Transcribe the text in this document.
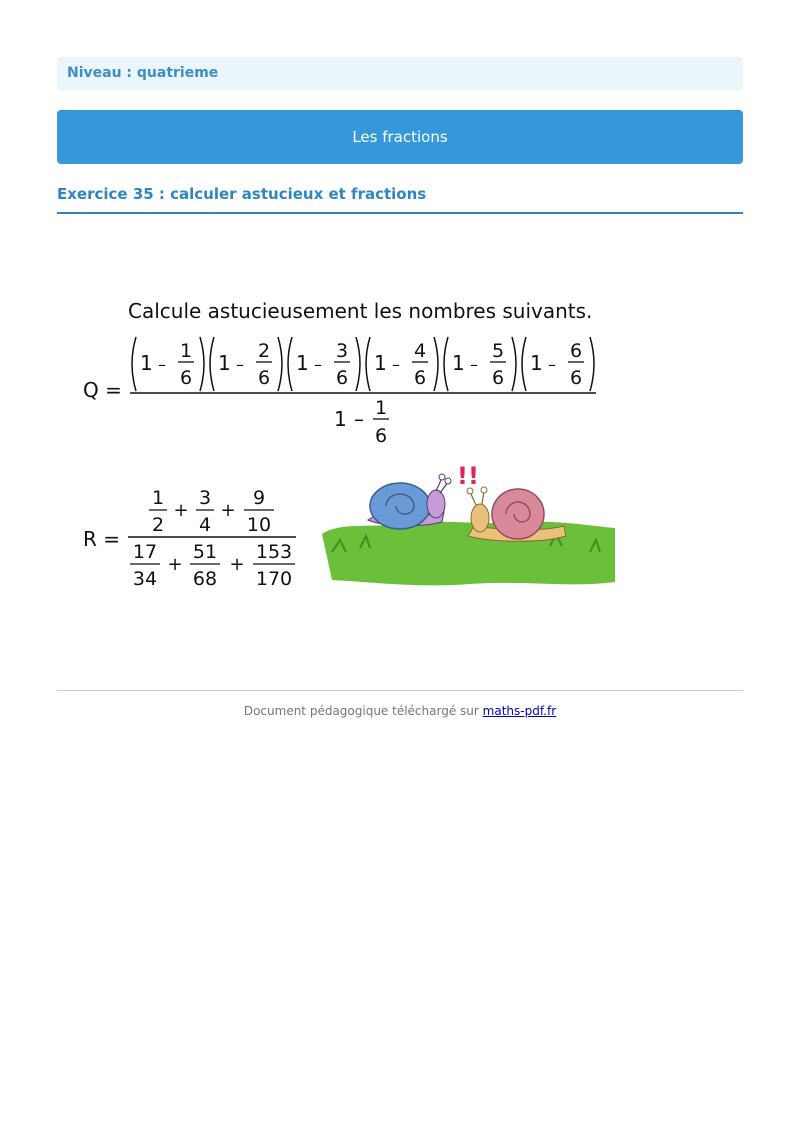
Niveau : quatrieme
Les fractions
Exercice 35 : calculer astucieux et fractions
Calcule astucieusement les nombres suivants.
Q =
1 –
1
6
1 –
2
6
1 –
3
6
1 –
4
6
1 –
5
6
1 –
6
6
1 – 1
6
R =
1
2
+
3
4
+
9
10
17
34
+
51
68
+
153
170
!!
Document pédagogique téléchargé sur maths-pdf.fr
